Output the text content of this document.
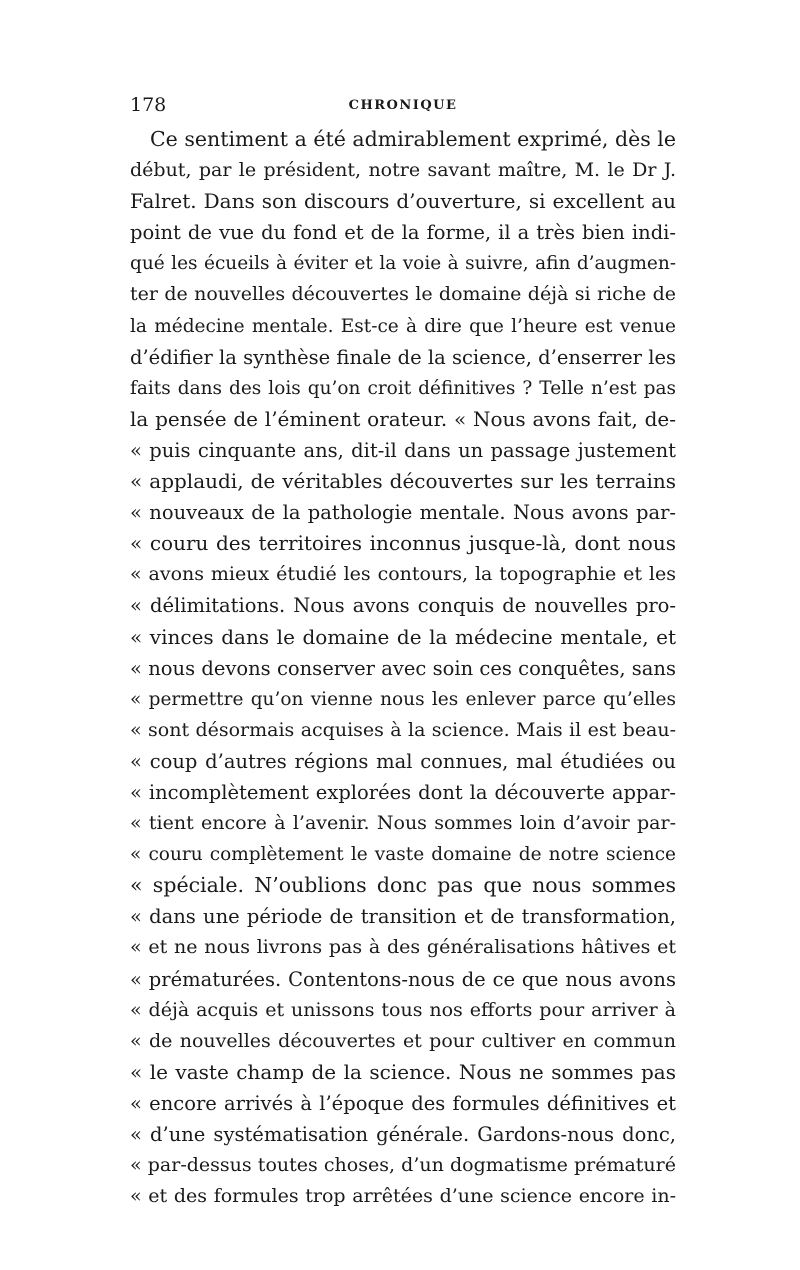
178	CHRONIQUE
Ce sentiment a été admirablement exprimé, dès le
début, par le président, notre savant maître, M. le Dr J.
Falret. Dans son discours d’ouverture, si excellent au
point de vue du fond et de la forme, il a très bien indi-
qué les écueils à éviter et la voie à suivre, afin d’augmen-
ter de nouvelles découvertes le domaine déjà si riche de
la médecine mentale. Est-ce à dire que l’heure est venue
d’édifier la synthèse finale de la science, d’enserrer les
faits dans des lois qu’on croit définitives ? Telle n’est pas
la pensée de l’éminent orateur. « Nous avons fait, de-
« puis cinquante ans, dit-il dans un passage justement
« applaudi, de véritables découvertes sur les terrains
« nouveaux de la pathologie mentale. Nous avons par-
« couru des territoires inconnus jusque-là, dont nous
« avons mieux étudié les contours, la topographie et les
« délimitations. Nous avons conquis de nouvelles pro-
« vinces dans le domaine de la médecine mentale, et
« nous devons conserver avec soin ces conquêtes, sans
« permettre qu’on vienne nous les enlever parce qu’elles
« sont désormais acquises à la science. Mais il est beau-
« coup d’autres régions mal connues, mal étudiées ou
« incomplètement explorées dont la découverte appar-
« tient encore à l’avenir. Nous sommes loin d’avoir par-
« couru complètement le vaste domaine de notre science
« spéciale. N’oublions donc pas que nous sommes
« dans une période de transition et de transformation,
« et ne nous livrons pas à des généralisations hâtives et
« prématurées. Contentons-nous de ce que nous avons
« déjà acquis et unissons tous nos efforts pour arriver à
« de nouvelles découvertes et pour cultiver en commun
« le vaste champ de la science. Nous ne sommes pas
« encore arrivés à l’époque des formules définitives et
« d’une systématisation générale. Gardons-nous donc,
« par-dessus toutes choses, d’un dogmatisme prématuré
« et des formules trop arrêtées d’une science encore in-
